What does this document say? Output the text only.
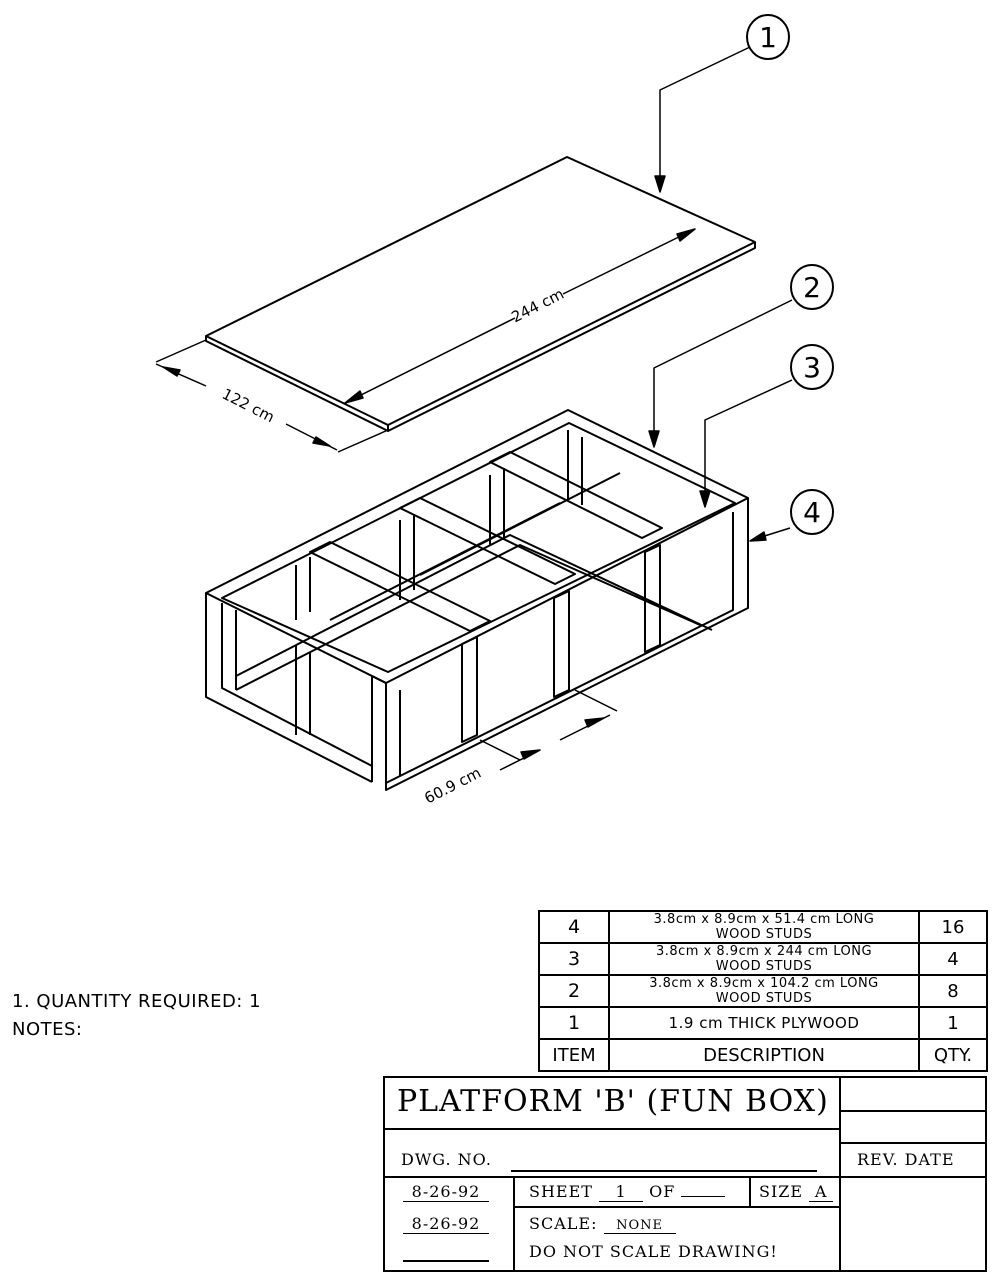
1
2
3
4
244 cm
122 cm
60.9 cm
1. QUANTITY REQUIRED: 1
NOTES:
4	3.8cm x 8.9cm x 51.4 cm LONG
WOOD STUDS	16
3	3.8cm x 8.9cm x 244 cm LONG
WOOD STUDS	4
2	3.8cm x 8.9cm x 104.2 cm LONG
WOOD STUDS	8
1	1.9 cm THICK PLYWOOD	1
ITEM	DESCRIPTION	QTY.
PLATFORM 'B' (FUN BOX)
DWG. NO.	REV. DATE
8-26-92
8-26-92
SHEET 1 OF	SIZE A
SCALE: NONE
DO NOT SCALE DRAWING!
